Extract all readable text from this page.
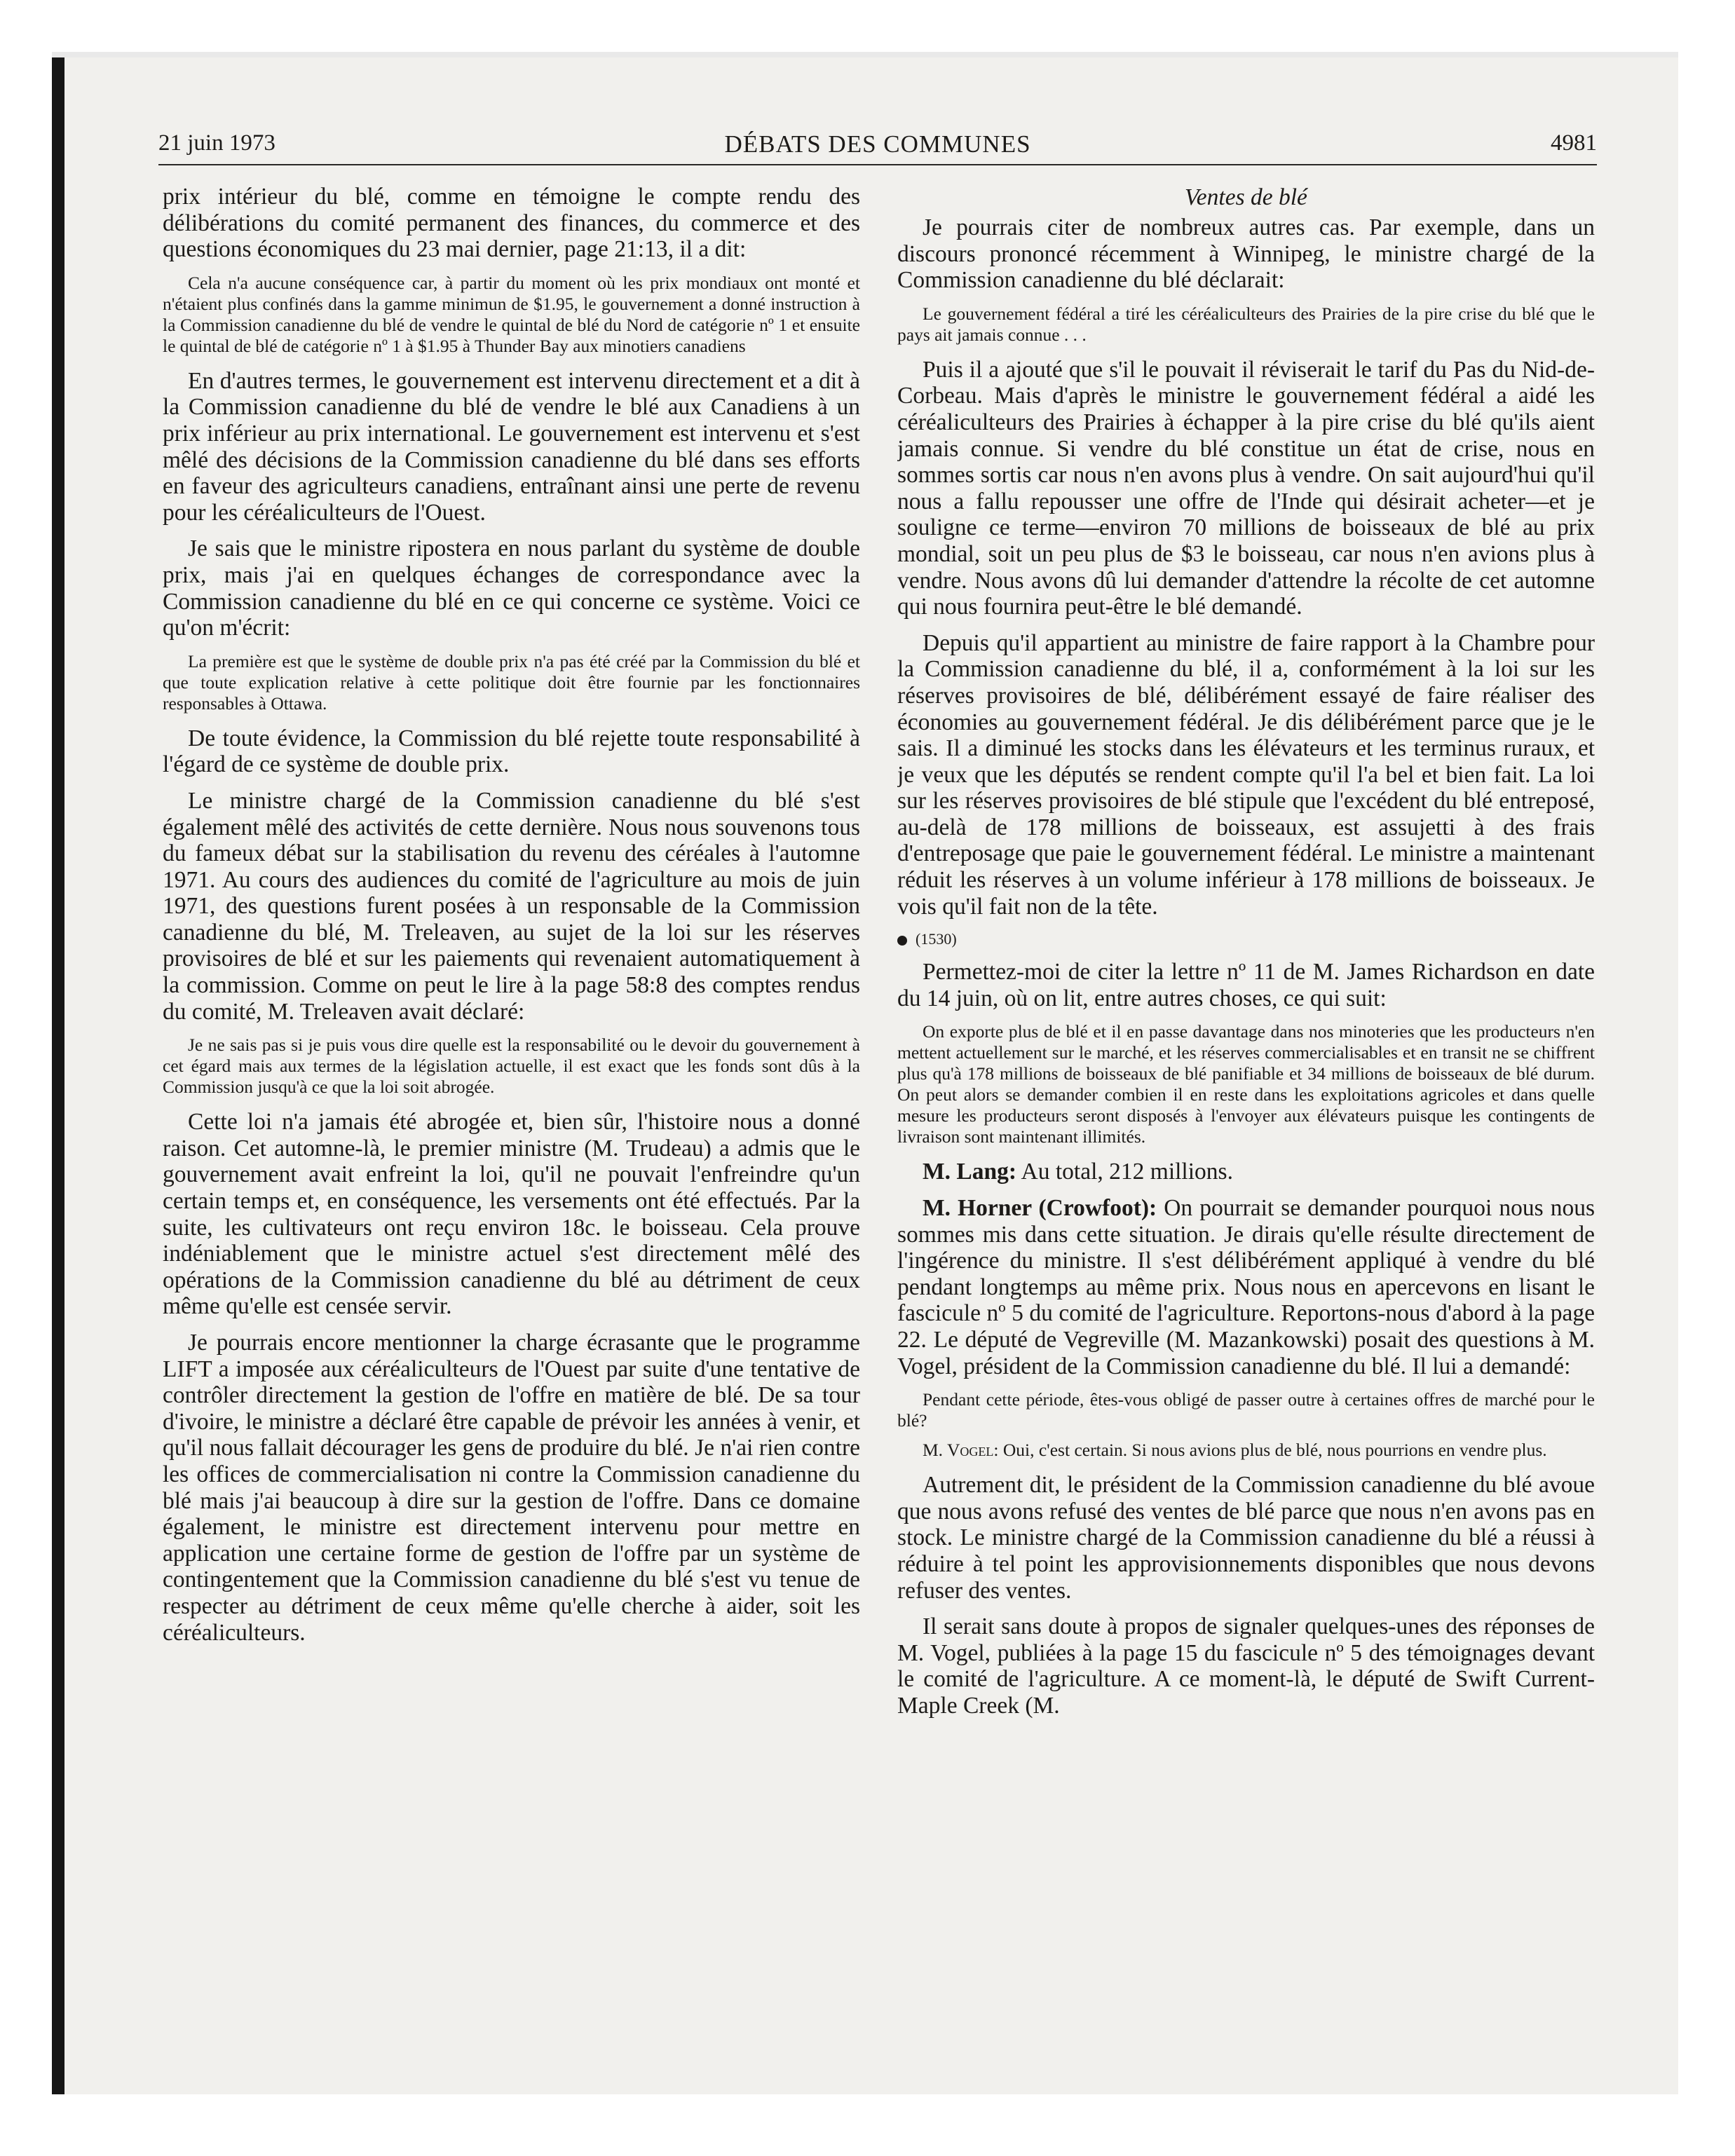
21 juin 1973	DÉBATS DES COMMUNES	4981

prix intérieur du blé, comme en témoigne le compte rendu des délibérations du comité permanent des finances, du commerce et des questions économiques du 23 mai dernier, page 21:13, il a dit:

Cela n'a aucune conséquence car, à partir du moment où les prix mondiaux ont monté et n'étaient plus confinés dans la gamme minimun de $1.95, le gouvernement a donné instruction à la Commission canadienne du blé de vendre le quintal de blé du Nord de catégorie nº 1 et ensuite le quintal de blé de catégorie nº 1 à $1.95 à Thunder Bay aux minotiers canadiens

En d'autres termes, le gouvernement est intervenu directement et a dit à la Commission canadienne du blé de vendre le blé aux Canadiens à un prix inférieur au prix international. Le gouvernement est intervenu et s'est mêlé des décisions de la Commission canadienne du blé dans ses efforts en faveur des agriculteurs canadiens, entraînant ainsi une perte de revenu pour les céréaliculteurs de l'Ouest.

Je sais que le ministre ripostera en nous parlant du système de double prix, mais j'ai en quelques échanges de correspondance avec la Commission canadienne du blé en ce qui concerne ce système. Voici ce qu'on m'écrit:

La première est que le système de double prix n'a pas été créé par la Commission du blé et que toute explication relative à cette politique doit être fournie par les fonctionnaires responsables à Ottawa.

De toute évidence, la Commission du blé rejette toute responsabilité à l'égard de ce système de double prix.

Le ministre chargé de la Commission canadienne du blé s'est également mêlé des activités de cette dernière. Nous nous souvenons tous du fameux débat sur la stabilisation du revenu des céréales à l'automne 1971. Au cours des audiences du comité de l'agriculture au mois de juin 1971, des questions furent posées à un responsable de la Commission canadienne du blé, M. Treleaven, au sujet de la loi sur les réserves provisoires de blé et sur les paiements qui revenaient automatiquement à la commission. Comme on peut le lire à la page 58:8 des comptes rendus du comité, M. Treleaven avait déclaré:

Je ne sais pas si je puis vous dire quelle est la responsabilité ou le devoir du gouvernement à cet égard mais aux termes de la législation actuelle, il est exact que les fonds sont dûs à la Commission jusqu'à ce que la loi soit abrogée.

Cette loi n'a jamais été abrogée et, bien sûr, l'histoire nous a donné raison. Cet automne-là, le premier ministre (M. Trudeau) a admis que le gouvernement avait enfreint la loi, qu'il ne pouvait l'enfreindre qu'un certain temps et, en conséquence, les versements ont été effectués. Par la suite, les cultivateurs ont reçu environ 18c. le boisseau. Cela prouve indéniablement que le ministre actuel s'est directement mêlé des opérations de la Commission canadienne du blé au détriment de ceux même qu'elle est censée servir.

Je pourrais encore mentionner la charge écrasante que le programme LIFT a imposée aux céréaliculteurs de l'Ouest par suite d'une tentative de contrôler directement la gestion de l'offre en matière de blé. De sa tour d'ivoire, le ministre a déclaré être capable de prévoir les années à venir, et qu'il nous fallait décourager les gens de produire du blé. Je n'ai rien contre les offices de commercialisation ni contre la Commission canadienne du blé mais j'ai beaucoup à dire sur la gestion de l'offre. Dans ce domaine également, le ministre est directement intervenu pour mettre en application une certaine forme de gestion de l'offre par un système de contingentement que la Commission canadienne du blé s'est vu tenue de respecter au détriment de ceux même qu'elle cherche à aider, soit les céréaliculteurs.

Ventes de blé

Je pourrais citer de nombreux autres cas. Par exemple, dans un discours prononcé récemment à Winnipeg, le ministre chargé de la Commission canadienne du blé déclarait:

Le gouvernement fédéral a tiré les céréaliculteurs des Prairies de la pire crise du blé que le pays ait jamais connue . . .

Puis il a ajouté que s'il le pouvait il réviserait le tarif du Pas du Nid-de-Corbeau. Mais d'après le ministre le gouvernement fédéral a aidé les céréaliculteurs des Prairies à échapper à la pire crise du blé qu'ils aient jamais connue. Si vendre du blé constitue un état de crise, nous en sommes sortis car nous n'en avons plus à vendre. On sait aujourd'hui qu'il nous a fallu repousser une offre de l'Inde qui désirait acheter—et je souligne ce terme—environ 70 millions de boisseaux de blé au prix mondial, soit un peu plus de $3 le boisseau, car nous n'en avions plus à vendre. Nous avons dû lui demander d'attendre la récolte de cet automne qui nous fournira peut-être le blé demandé.

Depuis qu'il appartient au ministre de faire rapport à la Chambre pour la Commission canadienne du blé, il a, conformément à la loi sur les réserves provisoires de blé, délibérément essayé de faire réaliser des économies au gouvernement fédéral. Je dis délibérément parce que je le sais. Il a diminué les stocks dans les élévateurs et les terminus ruraux, et je veux que les députés se rendent compte qu'il l'a bel et bien fait. La loi sur les réserves provisoires de blé stipule que l'excédent du blé entreposé, au-delà de 178 millions de boisseaux, est assujetti à des frais d'entreposage que paie le gouvernement fédéral. Le ministre a maintenant réduit les réserves à un volume inférieur à 178 millions de boisseaux. Je vois qu'il fait non de la tête.

(1530)

Permettez-moi de citer la lettre nº 11 de M. James Richardson en date du 14 juin, où on lit, entre autres choses, ce qui suit:

On exporte plus de blé et il en passe davantage dans nos minoteries que les producteurs n'en mettent actuellement sur le marché, et les réserves commercialisables et en transit ne se chiffrent plus qu'à 178 millions de boisseaux de blé panifiable et 34 millions de boisseaux de blé durum. On peut alors se demander combien il en reste dans les exploitations agricoles et dans quelle mesure les producteurs seront disposés à l'envoyer aux élévateurs puisque les contingents de livraison sont maintenant illimités.

M. Lang: Au total, 212 millions.

M. Horner (Crowfoot): On pourrait se demander pourquoi nous nous sommes mis dans cette situation. Je dirais qu'elle résulte directement de l'ingérence du ministre. Il s'est délibérément appliqué à vendre du blé pendant longtemps au même prix. Nous nous en apercevons en lisant le fascicule nº 5 du comité de l'agriculture. Reportons-nous d'abord à la page 22. Le député de Vegreville (M. Mazankowski) posait des questions à M. Vogel, président de la Commission canadienne du blé. Il lui a demandé:

Pendant cette période, êtes-vous obligé de passer outre à certaines offres de marché pour le blé?
M. Vogel: Oui, c'est certain. Si nous avions plus de blé, nous pourrions en vendre plus.

Autrement dit, le président de la Commission canadienne du blé avoue que nous avons refusé des ventes de blé parce que nous n'en avons pas en stock. Le ministre chargé de la Commission canadienne du blé a réussi à réduire à tel point les approvisionnements disponibles que nous devons refuser des ventes.

Il serait sans doute à propos de signaler quelques-unes des réponses de M. Vogel, publiées à la page 15 du fascicule nº 5 des témoignages devant le comité de l'agriculture. A ce moment-là, le député de Swift Current-Maple Creek (M.
